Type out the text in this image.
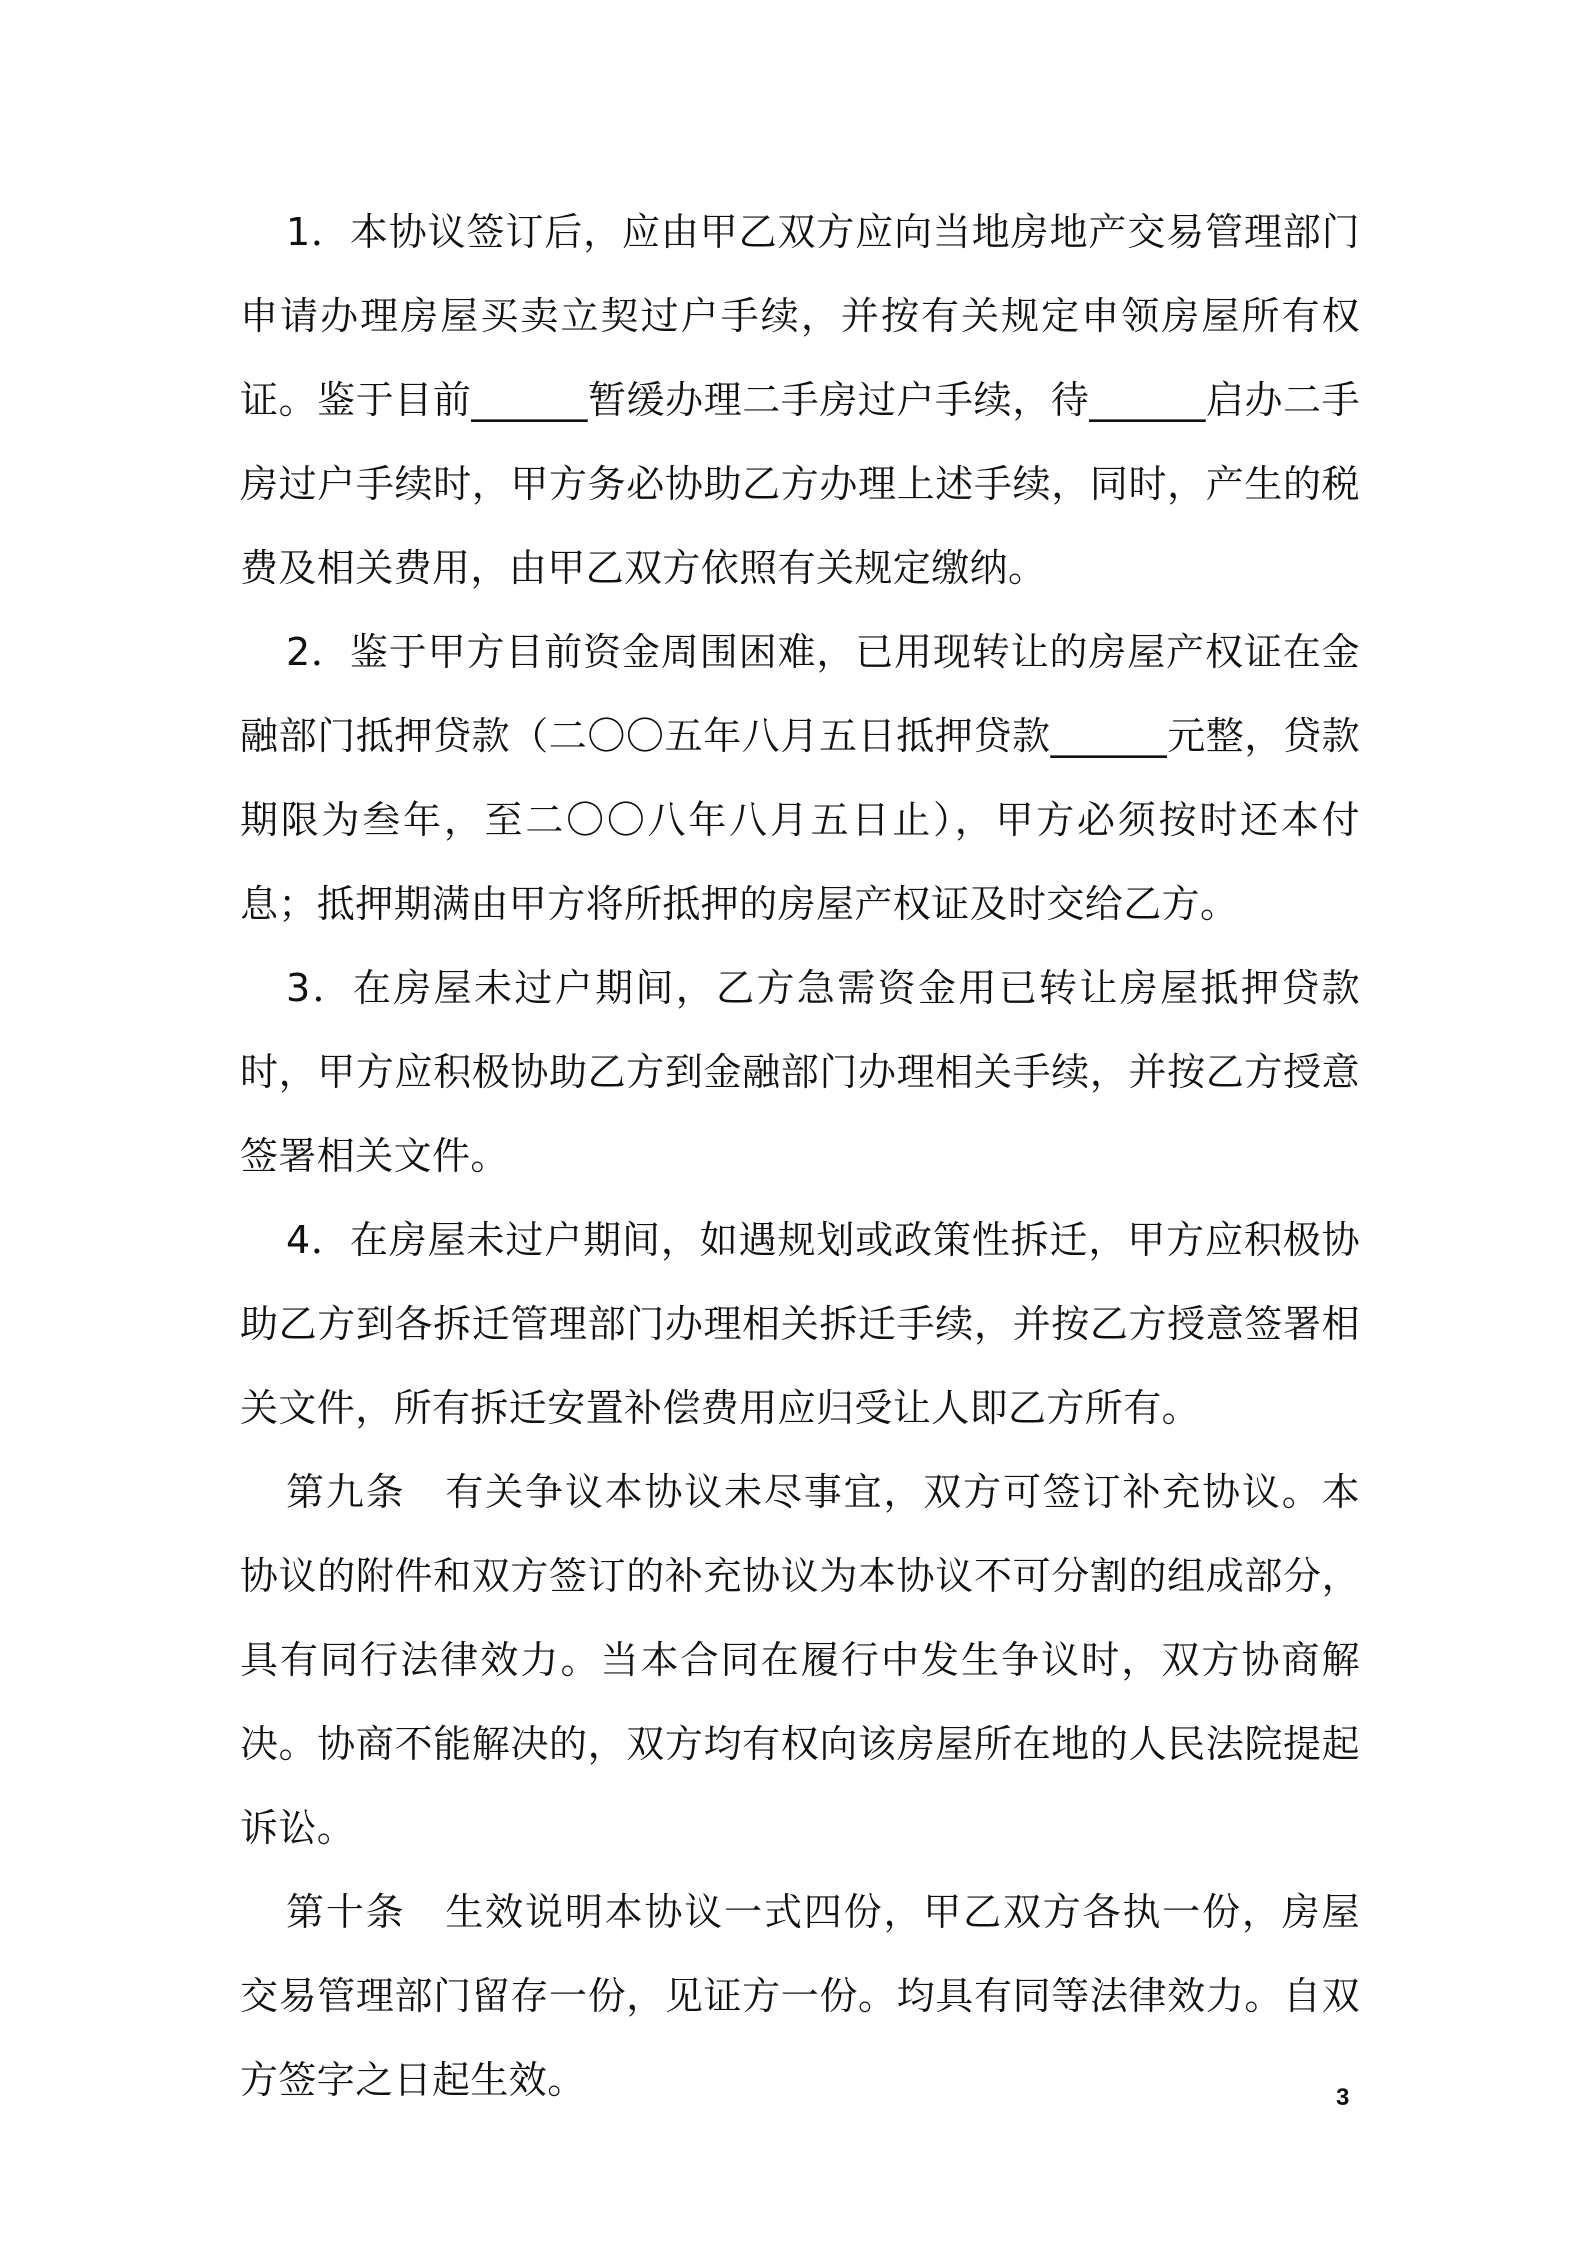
1．本协议签订后，应由甲乙双方应向当地房地产交易管理部门申请办理房屋买卖立契过户手续，并按有关规定申领房屋所有权证。鉴于目前______暂缓办理二手房过户手续，待______启办二手房过户手续时，甲方务必协助乙方办理上述手续，同时，产生的税费及相关费用，由甲乙双方依照有关规定缴纳。

2．鉴于甲方目前资金周围困难，已用现转让的房屋产权证在金融部门抵押贷款（二〇〇五年八月五日抵押贷款______元整，贷款期限为叁年，至二〇〇八年八月五日止），甲方必须按时还本付息；抵押期满由甲方将所抵押的房屋产权证及时交给乙方。

3．在房屋未过户期间，乙方急需资金用已转让房屋抵押贷款时，甲方应积极协助乙方到金融部门办理相关手续，并按乙方授意签署相关文件。

4．在房屋未过户期间，如遇规划或政策性拆迁，甲方应积极协助乙方到各拆迁管理部门办理相关拆迁手续，并按乙方授意签署相关文件，所有拆迁安置补偿费用应归受让人即乙方所有。

第九条　有关争议本协议未尽事宜，双方可签订补充协议。本协议的附件和双方签订的补充协议为本协议不可分割的组成部分，具有同行法律效力。当本合同在履行中发生争议时，双方协商解决。协商不能解决的，双方均有权向该房屋所在地的人民法院提起诉讼。

第十条　生效说明本协议一式四份，甲乙双方各执一份，房屋交易管理部门留存一份，见证方一份。均具有同等法律效力。自双方签字之日起生效。	3
